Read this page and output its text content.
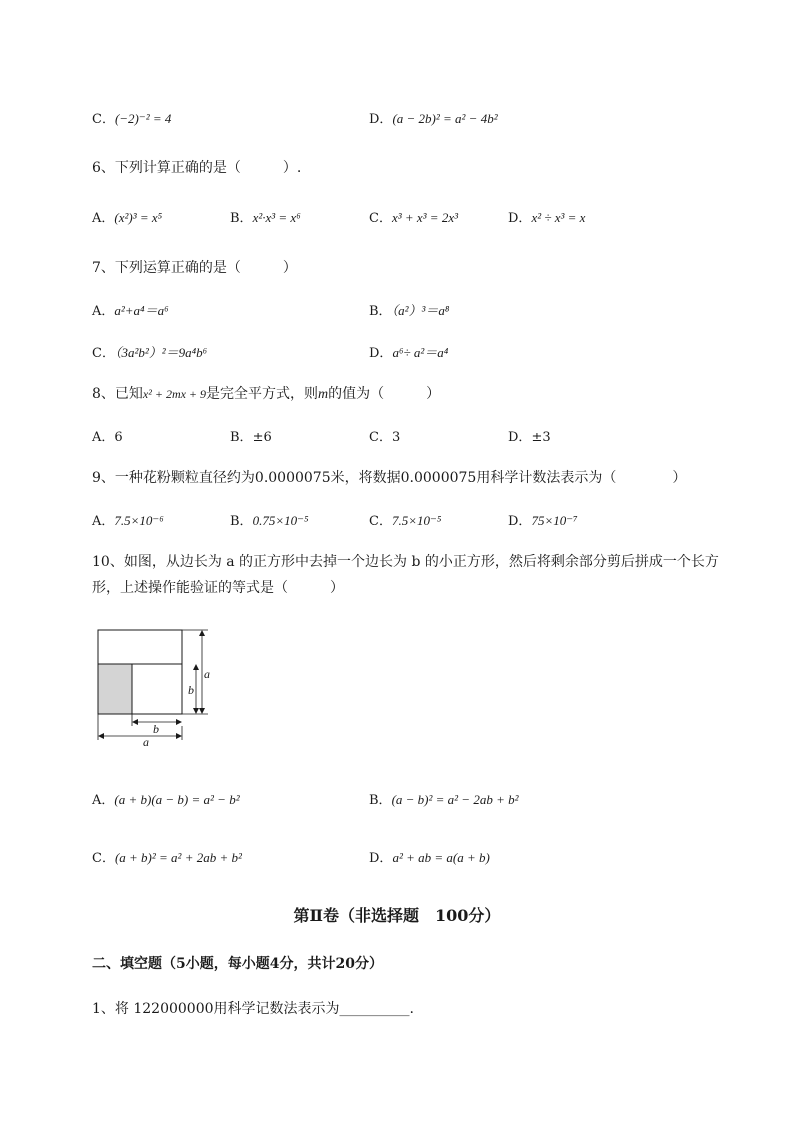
C．(−2)⁻² = 4	D．(a − 2b)² = a² − 4b²
6、下列计算正确的是（　　　）.
A．(x²)³ = x⁵	B．x²·x³ = x⁶	C．x³ + x³ = 2x³	D．x² ÷ x³ = x
7、下列运算正确的是（　　　）
A．a²+a⁴＝a⁶	B．（a²）³＝a⁸
C．（3a²b²）²＝9a⁴b⁶	D．a⁶÷ a²＝a⁴
8、已知x² + 2mx + 9是完全平方式，则m的值为（　　　）
A．6	B．±6	C．3	D．±3
9、一种花粉颗粒直径约为0.0000075米，将数据0.0000075用科学计数法表示为（　　　　）
A．7.5×10⁻⁶	B．0.75×10⁻⁵	C．7.5×10⁻⁵	D．75×10⁻⁷
10、如图，从边长为 a 的正方形中去掉一个边长为 b 的小正方形，然后将剩余部分剪后拼成一个长方
形，上述操作能验证的等式是（　　　）
a
b
b
a
A．(a + b)(a − b) = a² − b²	B．(a − b)² = a² − 2ab + b²
C．(a + b)² = a² + 2ab + b²	D．a² + ab = a(a + b)
第Ⅱ卷（非选择题　100分）
二、填空题（5小题，每小题4分，共计20分）
1、将 122000000用科学记数法表示为__________.
